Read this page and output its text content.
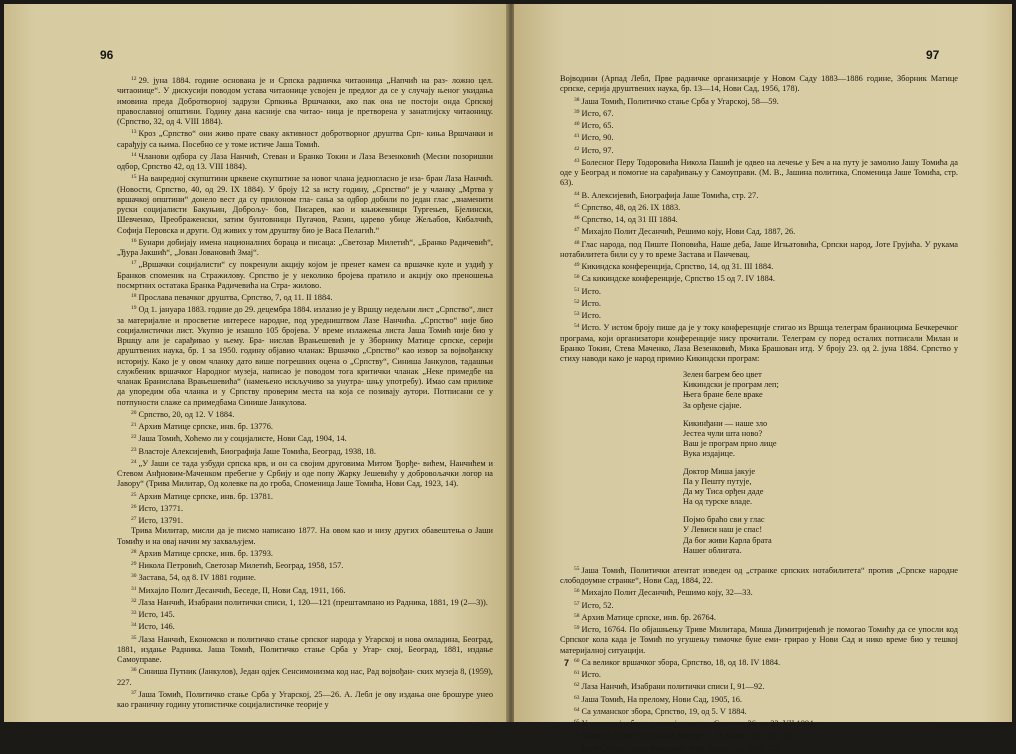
96

$^{12}$ 29. јуна 1884. године основана је и Српска радничка читаоница „Напчић на раз- ложно цел. читаонице“. У дискусији поводом устава читаонице усвојен је предлог да се у случају њеног укидања имовина преда Добротворној задрузи Српкиња Вршчанки, ако пак она не постоји онда Српској православној општини. Годину дана касније сва читао- ница је претворена у занатлијску читаоницу. (Српство, 32, од 4. VIII 1884).

$^{13}$ Кроз „Српство“ они живо прате сваку активност добротворног друштва Срп- киња Вршчанки и сарађују са њима. Посебно се у томе истиче Јаша Томић.

$^{14}$ Чланови одбора су Лаза Нанчић, Стеван и Бранко Токин и Лаза Везенковић (Месни позоришни одбор, Српство 42, од 13. VIII 1884).

$^{15}$ На ванредној скупштини црквене скупштине за новог члана једногласно је иза- бран Лаза Нанчић. (Новости, Српство, 40, од 29. IX 1884). У броју 12 за исту годину, „Српство“ је у чланку „Мртва у вршачкој општини“ донело вест да су прилоном гла- сања за одбор добили по један глас „знаменити руски социјалисти Бакуњин, Доброљу- бов, Писарев, као и књижевници Тургењев, Бјелински, Шевченко, Преображенски, затим бунтовници Пугачов, Разин, царево убице Жељабов, Кибалчић, Софија Перовска и други. Од живих у том друштву био је Васа Пелагић.“

$^{16}$ Бунари добијају имена националних бораца и писаца: „Светозар Милетић“, „Бранко Радичевић“, „Ђура Јакшић“, „Јован Јовановић Змај“.

$^{17}$ „Вршачки социјалисти“ су покренули акцију којом је пренет камен са вршачке куле и уздиђ у Бранков споменик на Стражилову. Српство је у неколико бројева пратило и акцију око преношења посмртних остатака Бранка Радичевића на Стра- жилово.

$^{18}$ Прослава певачког друштва, Српство, 7, од 11. II 1884.

$^{19}$ Од 1. јануара 1883. године до 29. децембра 1884. излазио је у Вршцу недељни лист „Српство“, лист за материјалне и просветне интересе народне, под уредништвом Лазе Нанчића. „Српство“ није био социјалистички лист. Укупно је изашло 105 бројева. У време излажења листа Јаша Томић није био у Вршцу али је сарађивао у њему. Бра- нислав Врањешевић је у Зборнику Матице српске, серији друштвених наука, бр. 1 за 1950. годину објавио чланак: Вршачко „Српство“ као извор за војвођанску историју. Како је у овом чланку дато више погрешних оцена о „Српству“, Синиша Јанкулов, тадашњи службеник вршачког Народног музеја, написао је поводом тога критички чланак „Неке примедбе на чланак Бранислава Врањешевића“ (намењено искључиво за унутра- шњу употребу). Имао сам прилике да упоредим оба чланка и у Српству проверим места на која се позивају аутори. Потписани се у потпуности слаже са примедбама Синише Јанкулова.

$^{20}$ Српство, 20, од 12. V 1884.

$^{21}$ Архив Матице српске, инв. бр. 13776.

$^{22}$ Јаша Томић, Хоћемо ли у социјалисте, Нови Сад, 1904, 14.

$^{23}$ Властоје Алексијевић, Биографија Јаше Томића, Београд, 1938, 18.

$^{24}$ „У Јаши се тада узбуди српска крв, и он са својим друговима Митом Ђорђе- вићем, Нанчићем и Стевом Анђновим-Маченком пребегне у Србију и оде попу Жарку Јешевићу у добровољачки логор на Јавору“ (Трива Милитар, Од колевке па до гроба, Споменица Јаше Томића, Нови Сад, 1923, 14).

$^{25}$ Архив Матице српске, инв. бр. 13781.

$^{26}$ Исто, 13771.

$^{27}$ Исто, 13791.

Трива Милитар, мисли да је писмо написано 1877. На овом као и низу других обавештења о Јаши Томићу и на овај начин му захваљујем.

$^{28}$ Архив Матице српске, инв. бр. 13793.

$^{29}$ Никола Петровић, Светозар Милетић, Београд, 1958, 157.

$^{30}$ Застава, 54, од 8. IV 1881 године.

$^{31}$ Михајло Полит Десанчић, Беседе, II, Нови Сад, 1911, 166.

$^{32}$ Лаза Нанчић, Изабрани политички списи, 1, 120—121 (прештампано из Радника, 1881, 19 (2—3)).

$^{33}$ Исто, 145.

$^{34}$ Исто, 146.

$^{35}$ Лаза Нанчић, Економско и политичко стање српског народа у Угарској и нова омладина, Београд, 1881, издање Радника. Јаша Томић, Политичко стање Срба у Угар- ској, Београд, 1881, издање Самоуправе.

$^{36}$ Синиша Путник (Јанкулов), Један одјек Сенсимонизма код нас, Рад војвођан- ских музеја 8, (1959), 227.

$^{37}$ Јаша Томић, Политичко стање Срба у Угарској, 25—26. А. Лебл је ову издања оне брошуре унео као граничну годину утопистичке социјалистичке теорије у

97

Војводини (Арпад Лебл, Прве радничке организације у Новом Саду 1883—1886 године, Зборник Матице српске, серија друштвених наука, бр. 13—14, Нови Сад, 1956, 178).

$^{38}$ Јаша Томић, Политичко стање Срба у Угарској, 58—59.

$^{39}$ Исто, 67.

$^{40}$ Исто, 65.

$^{41}$ Исто, 90.

$^{42}$ Исто, 97.

$^{43}$ Болесног Перу Тодоровића Никола Пашић је одвео на лечење у Беч а на путу је замолио Јашу Томића да оде у Београд и помогне на сарађивању у Самоуправи. (М. В., Јашина политика, Споменица Јаше Томића, стр. 63).

$^{44}$ В. Алексијевић, Биографија Јаше Томића, стр. 27.

$^{45}$ Српство, 48, од 26. IX 1883.

$^{46}$ Српство, 14, од 31 III 1884.

$^{47}$ Михајло Полит Десанчић, Решимо којy, Нови Сад, 1887, 26.

$^{48}$ Глас народа, под Пиште Поповића, Наше деба, Јаше Игњатовића, Српски народ, Јоте Грујића. У рукама нотабилитета били су у то време Застава и Панчевац.

$^{49}$ Кикиндска конференција, Српство, 14, од 31. III 1884.

$^{50}$ Са кикиндске конференције, Српство 15 од 7. IV 1884.

$^{51}$ Исто.

$^{52}$ Исто.

$^{53}$ Исто.

$^{54}$ Исто. У истом броју пише да је у току конференције стигао из Вршца телеграм браниоцима Бечкеречког програма, који организатори конференције нису прочитали. Телеграм су поред осталих потписали Милан и Бранко Токин, Стева Маченко, Лаза Везенковић, Мика Брашован итд. У броју 23. од 2. јуна 1884. Српство у стиху наводи како је народ примио Кикиндски програм:

Зелен багрем бео цвет
Кикиндски је програм леп;
Њега бране беле враке
За орђене сјајне.
Кикинђани — наше зло
Јестеа чули шта ново?
Ваш је програм прно лице
Вука издајице.
Доктор Миша јакује
Па у Пешту путује,
Да му Тиса орђен даде
На од турске владе.
Појмо браћо сви у глас
У Левиси наш је спас!
Да бог живи Карла брата
Нашег облигата.

$^{55}$ Јаша Томић, Политички атентат изведен од „странке српских нотабилитета“ против „Српске народне слободоумне странке“, Нови Сад, 1884, 22.

$^{56}$ Михајло Полит Десанчић, Решимо којy, 32—33.

$^{57}$ Исто, 52.

$^{58}$ Архив Матице српске, инв. бр. 26764.

$^{59}$ Исто, 16764. По објашњењу Триве Милитара, Миша Димитријевић је помогао Томићу да се упосли код Српског кола када је Томић по угушењу тимочке буне еми- грирао у Нови Сад и нико време био у тешкој материјалној ситуацији.

$^{60}$ Са великог вршачког збора, Српство, 18, од 18. IV 1884.

$^{61}$ Исто.

$^{62}$ Лаза Нанчић, Изабрани политички списи I, 91—92.

$^{63}$ Јаша Томић, На прелому, Нови Сад, 1905, 16.

$^{64}$ Са улманског збора, Српство, 19, од 5. V 1884.

$^{65}$ У вршачкој и белоцрквској тамници, Српство, 26, од 23. VII 1884.

$^{66}$ Михајло Полит-Десанчић, Беседе . . . II, Нови Сад, 1911, 29.

$^{67}$ Васа Стајић, Јован Јовановић-Змај, Нови Сад, 1933, 121.

7
